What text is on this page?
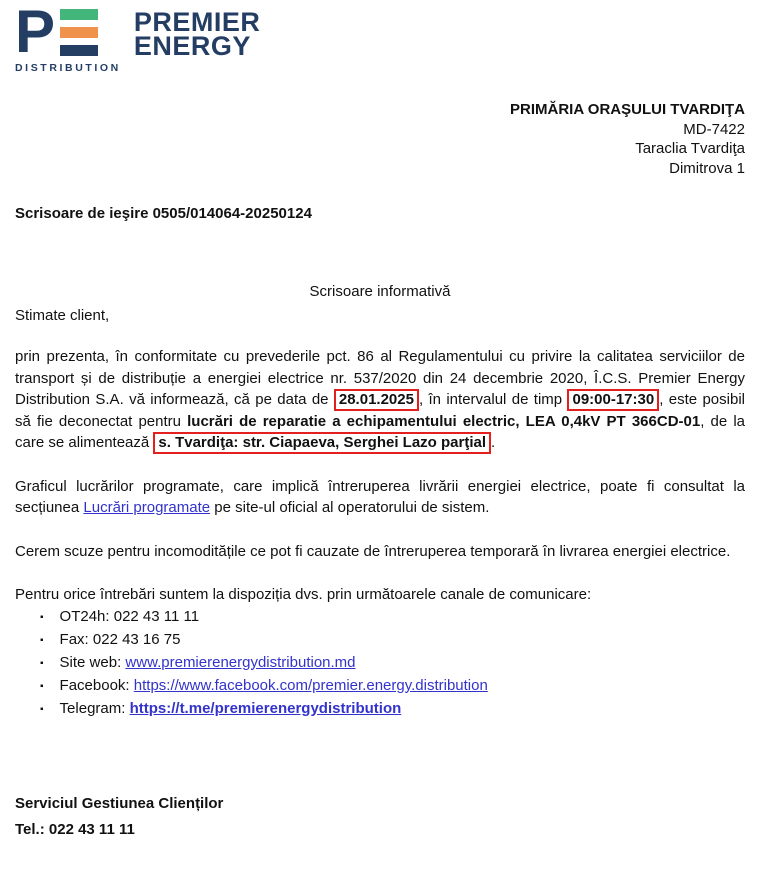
P
DISTRIBUTION
PREMIER
ENERGY
PRIMĂRIA ORAŞULUI TVARDIŢA
MD-7422
Taraclia Tvardiţa
Dimitrova 1
Scrisoare de ieşire 0505/014064-20250124
Scrisoare informativă
Stimate client,

prin prezenta, în conformitate cu prevederile pct. 86 al Regulamentului cu privire la calitatea serviciilor de transport și de distribuție a energiei electrice nr. 537/2020 din 24 decembrie 2020, Î.C.S. Premier Energy Distribution S.A. vă informează, că pe data de 28.01.2025 , în intervalul de timp 09:00-17:30 , este posibil să fie deconectat pentru lucrări de reparatie a echipamentului electric, LEA 0,4kV PT 366CD-01, de la care se alimentează s. Tvardiţa: str. Ciapaeva, Serghei Lazo parţial .

Graficul lucrărilor programate, care implică întreruperea livrării energiei electrice, poate fi consultat la secțiunea Lucrări programate pe site-ul oficial al operatorului de sistem.

Cerem scuze pentru incomoditățile ce pot fi cauzate de întreruperea temporară în livrarea energiei electrice.

Pentru orice întrebări suntem la dispoziția dvs. prin următoarele canale de comunicare:

▪ OT24h: 022 43 11 11
▪ Fax: 022 43 16 75
▪ Site web: www.premierenergydistribution.md
▪ Facebook: https://www.facebook.com/premier.energy.distribution
▪ Telegram: https://t.me/premierenergydistribution
Serviciul Gestiunea Clienților
Tel.: 022 43 11 11
